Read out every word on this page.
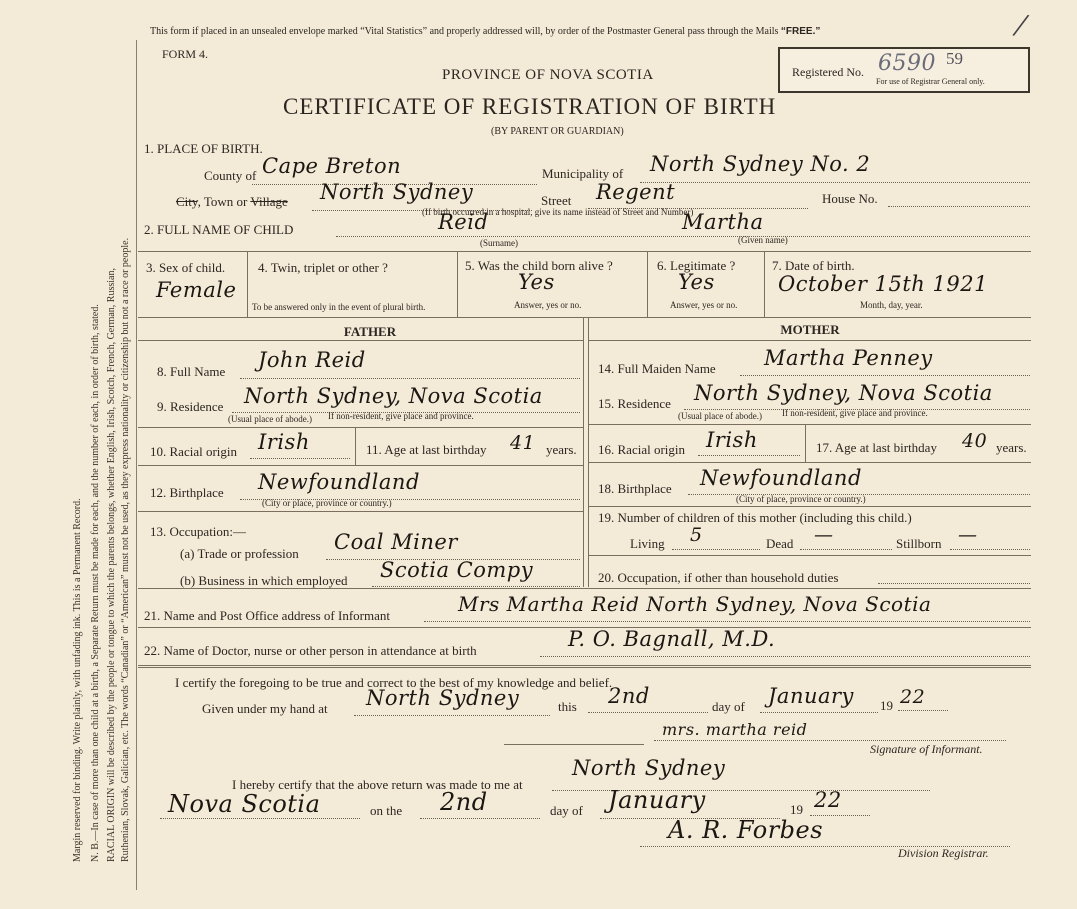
Margin reserved for binding. Write plainly, with unfading ink. This is a Permanent Record. N. B.—In case of more than one child at a birth, a Separate Return must be made for each, and the number of each, in order of birth, stated. RACIAL ORIGIN will be described by the people or tongue to which the parents belongs, whether English, Irish, Scotch, French, German, Russian, Ruthenian, Slovak, Galician, etc. The words “Canadian” or “American” must not be used, as they express nationality or citizenship but not a race or people.
This form if placed in an unsealed envelope marked “Vital Statistics” and properly addressed will, by order of the Postmaster General pass through the Mails “FREE.”
FORM 4.
PROVINCE OF NOVA SCOTIA
CERTIFICATE OF REGISTRATION OF BIRTH
(BY PARENT OR GUARDIAN)
Registered No. 6590 59
For use of Registrar General only.
/
1. PLACE OF BIRTH.
County of Cape Breton	Municipality of North Sydney No. 2
City, Town or Village North Sydney	Street Regent	House No.
(If birth occurred in a hospital, give its name instead of Street and Number)
2. FULL NAME OF CHILD	Reid	Martha
(Surname)	(Given name)
3. Sex of child.
Female
4. Twin, triplet or other ?
To be answered only in the event of plural birth.
5. Was the child born alive ?
Yes
Answer, yes or no.
6. Legitimate ?
Yes
Answer, yes or no.
7. Date of birth.
October 15th 1921
Month, day, year.
FATHER	MOTHER
8. Full Name John Reid
9. Residence North Sydney, Nova Scotia
(Usual place of abode.) If non-resident, give place and province.
10. Racial origin Irish	11. Age at last birthday 41 years.
12. Birthplace Newfoundland
(City or place, province or country.)
13. Occupation:—
(a) Trade or profession Coal Miner
(b) Business in which employed Scotia Compy
14. Full Maiden Name Martha Penney
15. Residence North Sydney, Nova Scotia
(Usual place of abode.) If non-resident, give place and province.
16. Racial origin Irish	17. Age at last birthday 40 years.
18. Birthplace Newfoundland
(City of place, province or country.)
19. Number of children of this mother (including this child.)
Living 5	Dead —	Stillborn —
20. Occupation, if other than household duties
21. Name and Post Office address of Informant	Mrs Martha Reid North Sydney, Nova Scotia
22. Name of Doctor, nurse or other person in attendance at birth	P. O. Bagnall, M.D.
I certify the foregoing to be true and correct to the best of my knowledge and belief.
Given under my hand at North Sydney	this 2nd	day of January 19 22
mrs. martha reid
Signature of Informant.
I hereby certify that the above return was made to me at
North Sydney
Nova Scotia	on the 2nd	day of January	19 22
A. R. Forbes
Division Registrar.
